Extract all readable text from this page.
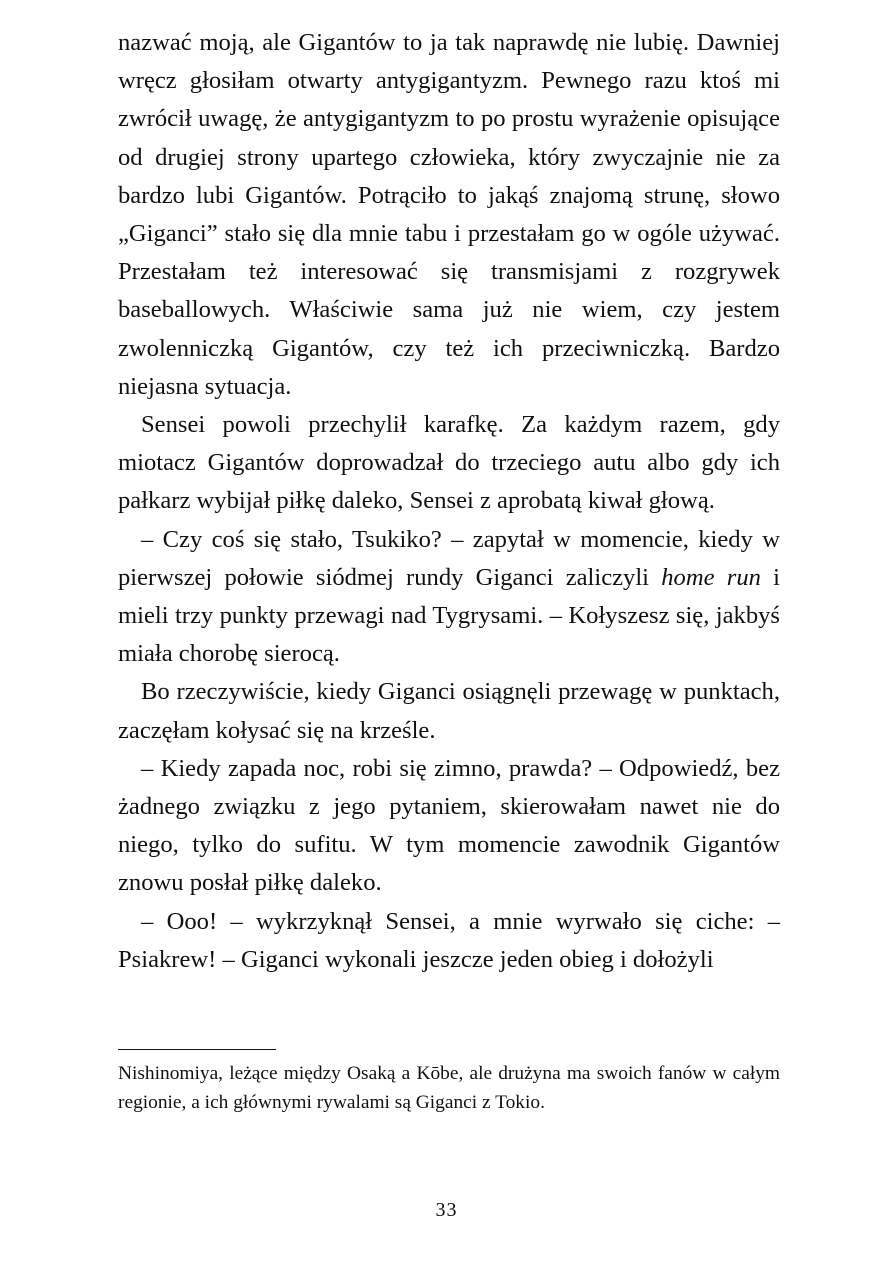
nazwać moją, ale Gigantów to ja tak naprawdę nie lubię. Dawniej wręcz głosiłam otwarty antygigantyzm. Pewnego razu ktoś mi zwrócił uwagę, że antygigantyzm to po prostu wyrażenie opisujące od drugiej strony upartego człowieka, który zwyczajnie nie za bardzo lubi Gigantów. Potrąciło to jakąś znajomą strunę, słowo „Giganci” stało się dla mnie tabu i przestałam go w ogóle używać. Przestałam też interesować się transmisjami z rozgrywek baseballowych. Właściwie sama już nie wiem, czy jestem zwolenniczką Gigantów, czy też ich przeciwniczką. Bardzo niejasna sytuacja.

Sensei powoli przechylił karafkę. Za każdym razem, gdy miotacz Gigantów doprowadzał do trzeciego autu albo gdy ich pałkarz wybijał piłkę daleko, Sensei z aprobatą kiwał głową.

– Czy coś się stało, Tsukiko? – zapytał w momencie, kiedy w pierwszej połowie siódmej rundy Giganci zaliczyli home run i mieli trzy punkty przewagi nad Tygrysami. – Kołyszesz się, jakbyś miała chorobę sierocą.

Bo rzeczywiście, kiedy Giganci osiągnęli przewagę w punktach, zaczęłam kołysać się na krześle.

– Kiedy zapada noc, robi się zimno, prawda? – Odpowiedź, bez żadnego związku z jego pytaniem, skierowałam nawet nie do niego, tylko do sufitu. W tym momencie zawodnik Gigantów znowu posłał piłkę daleko.

– Ooo! – wykrzyknął Sensei, a mnie wyrwało się ciche: – Psiakrew! – Giganci wykonali jeszcze jeden obieg i dołożyli

Nishinomiya, leżące między Osaką a Kōbe, ale drużyna ma swoich fanów w całym regionie, a ich głównymi rywalami są Giganci z Tokio.

33
